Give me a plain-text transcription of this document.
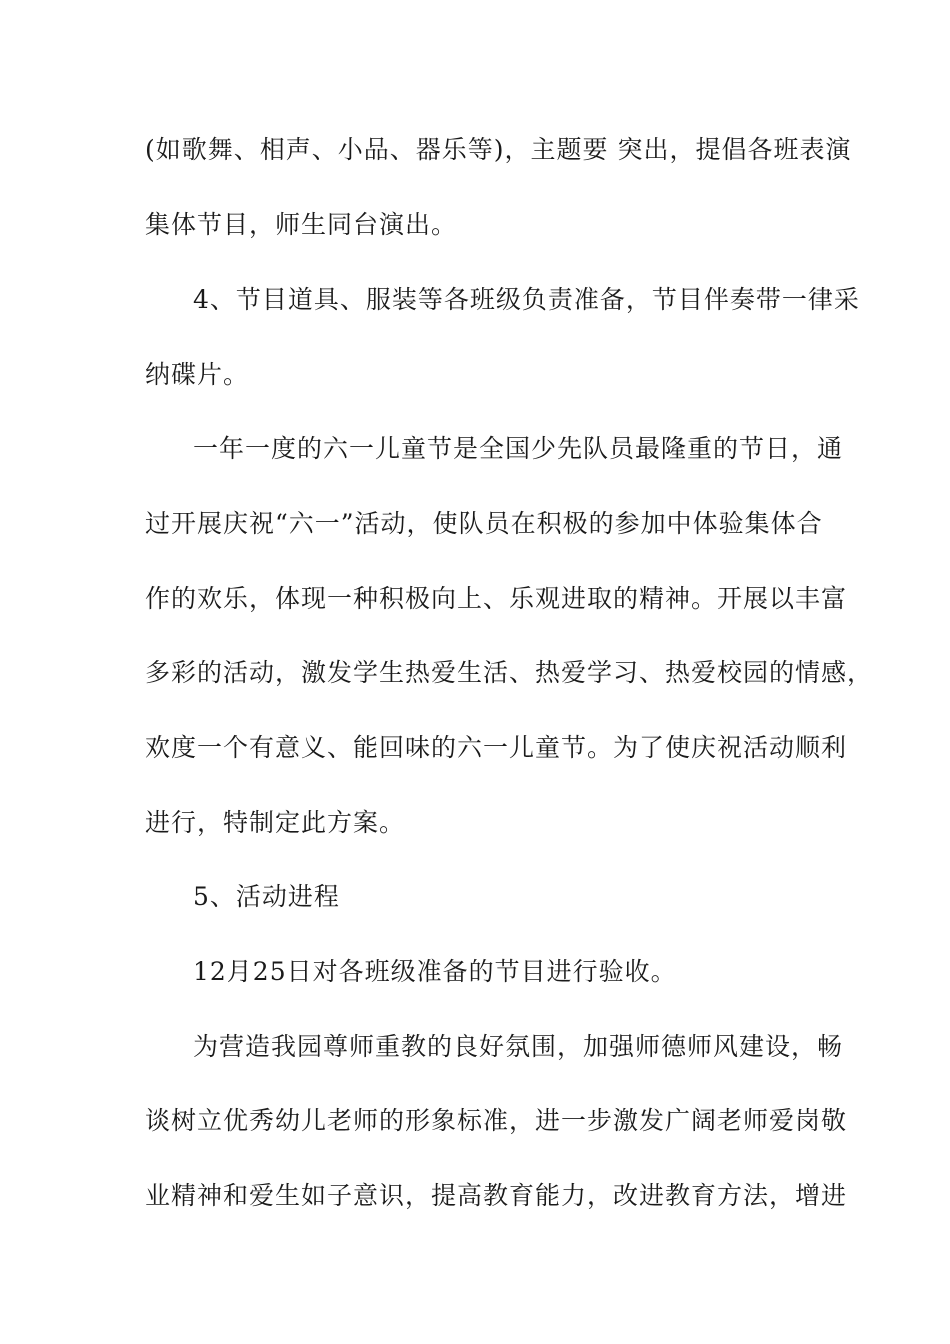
(如歌舞、相声、小品、器乐等)，主题要 突出，提倡各班表演
集体节目，师生同台演出。
4、节目道具、服装等各班级负责准备，节目伴奏带一律采
纳碟片。
一年一度的六一儿童节是全国少先队员最隆重的节日，通
过开展庆祝“六一”活动，使队员在积极的参加中体验集体合
作的欢乐，体现一种积极向上、乐观进取的精神。开展以丰富
多彩的活动，激发学生热爱生活、热爱学习、热爱校园的情感，
欢度一个有意义、能回味的六一儿童节。为了使庆祝活动顺利
进行，特制定此方案。
5、活动进程
12月25日对各班级准备的节目进行验收。
为营造我园尊师重教的良好氛围，加强师德师风建设，畅
谈树立优秀幼儿老师的形象标准，进一步激发广阔老师爱岗敬
业精神和爱生如子意识，提高教育能力，改进教育方法，增进
